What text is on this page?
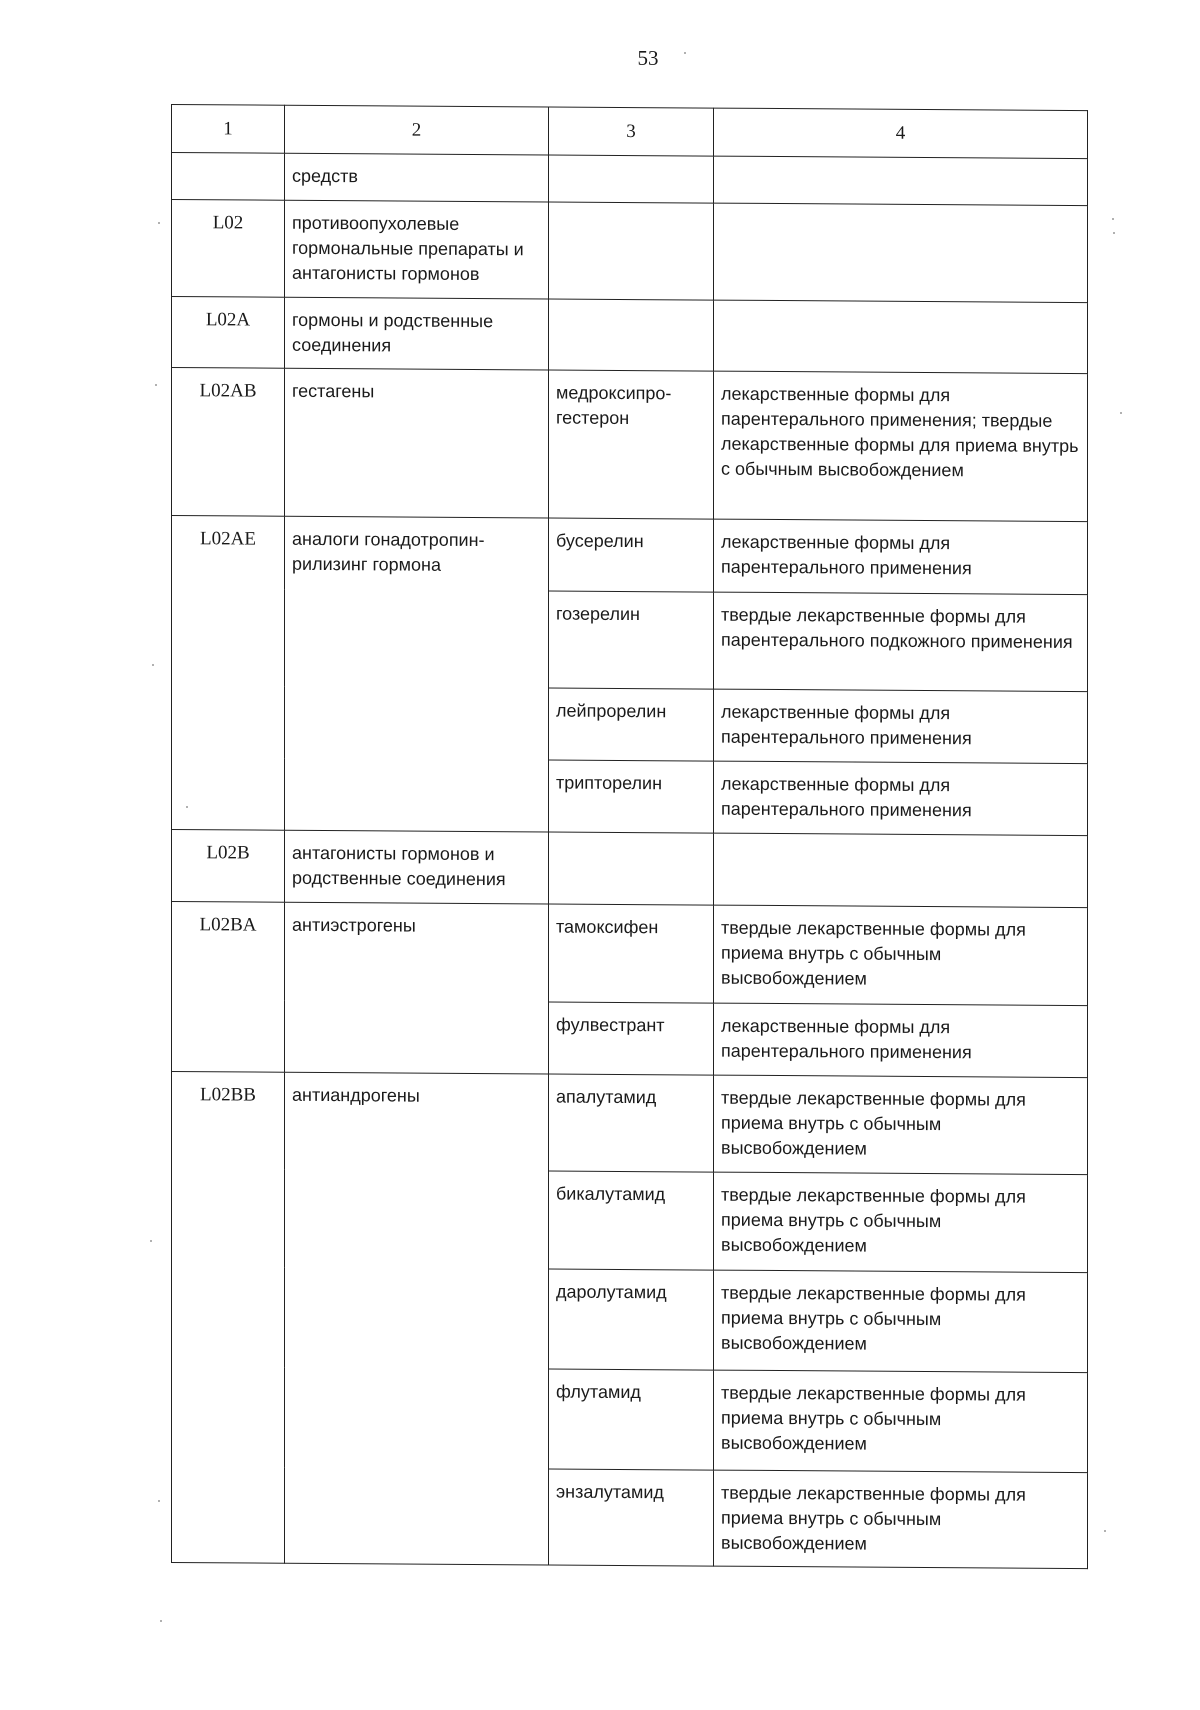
53
1	2	3	4
	средств		
L02	противоопухолевые гормональные препараты и антагонисты гормонов		
L02A	гормоны и родственные соединения		
L02AB	гестагены	медроксипро-гестерон	лекарственные формы для парентерального применения; твердые лекарственные формы для приема внутрь с обычным высвобождением
L02AE	аналоги гонадотропин-рилизинг гормона	бусерелин	лекарственные формы для парентерального применения
		гозерелин	твердые лекарственные формы для парентерального подкожного применения
		лейпрорелин	лекарственные формы для парентерального применения
		трипторелин	лекарственные формы для парентерального применения
L02B	антагонисты гормонов и родственные соединения		
L02BA	антиэстрогены	тамоксифен	твердые лекарственные формы для приема внутрь с обычным высвобождением
		фулвестрант	лекарственные формы для парентерального применения
L02BB	антиандрогены	апалутамид	твердые лекарственные формы для приема внутрь с обычным высвобождением
		бикалутамид	твердые лекарственные формы для приема внутрь с обычным высвобождением
		даролутамид	твердые лекарственные формы для приема внутрь с обычным высвобождением
		флутамид	твердые лекарственные формы для приема внутрь с обычным высвобождением
		энзалутамид	твердые лекарственные формы для приема внутрь с обычным высвобождением
